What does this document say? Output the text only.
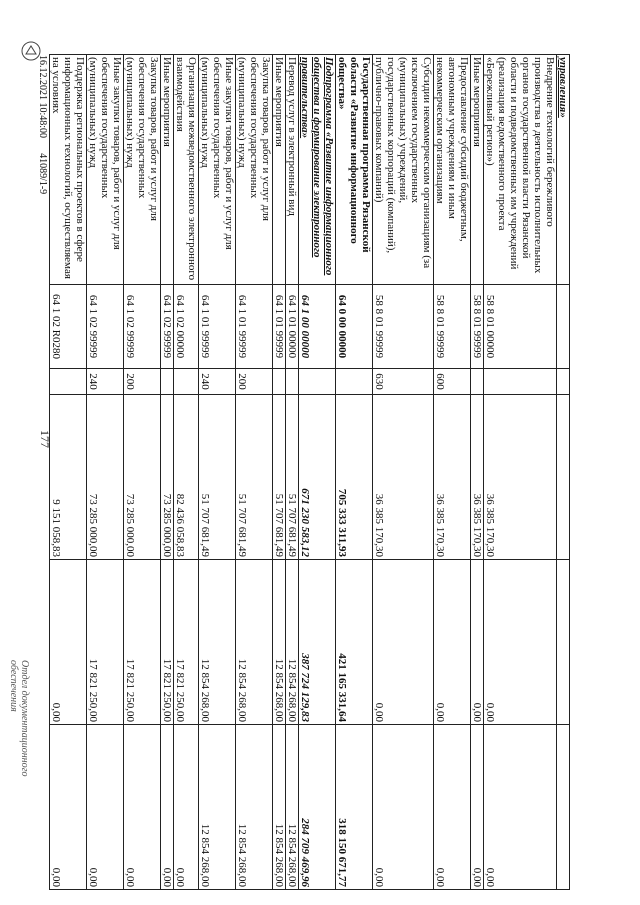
управления»					
Внедрение технологий бережливого производства в деятельность исполнительных органов государственной власти Рязанской области и подведомственных им учреждений (реализация ведомственного проекта «Бережливый регион»)	58 8 01 00000		36 385 170,30	0,00	0,00
Иные мероприятия	58 8 01 99999		36 385 170,30	0,00	0,00
Предоставление субсидий бюджетным, автономным учреждениям и иным некоммерческим организациям	58 8 01 99999	600	36 385 170,30	0,00	0,00
Субсидии некоммерческим организациям (за исключением государственных (муниципальных) учреждений, государственных корпораций (компаний), публично-правовых компаний)	58 8 01 99999	630	36 385 170,30	0,00	0,00
Государственная программа Рязанской области «Развитие информационного общества»	64 0 00 00000		705 333 311,93	421 165 331,64	318 150 671,77
Подпрограмма «Развитие информационного общества и формирование электронного правительства»	64 1 00 00000		671 230 583,12	387 724 129,83	284 709 469,96
Перевод услуг в электронный вид	64 1 01 00000		51 707 681,49	12 854 268,00	12 854 268,00
Иные мероприятия	64 1 01 99999		51 707 681,49	12 854 268,00	12 854 268,00
Закупка товаров, работ и услуг для обеспечения государственных (муниципальных) нужд	64 1 01 99999	200	51 707 681,49	12 854 268,00	12 854 268,00
Иные закупки товаров, работ и услуг для обеспечения государственных (муниципальных) нужд	64 1 01 99999	240	51 707 681,49	12 854 268,00	12 854 268,00
Организация межведомственного электронного взаимодействия	64 1 02 00000		82 436 058,83	17 821 250,00	0,00
Иные мероприятия	64 1 02 99999		73 285 000,00	17 821 250,00	0,00
Закупка товаров, работ и услуг для обеспечения государственных (муниципальных) нужд	64 1 02 99999	200	73 285 000,00	17 821 250,00	0,00
Иные закупки товаров, работ и услуг для обеспечения государственных (муниципальных) нужд	64 1 02 99999	240	73 285 000,00	17 821 250,00	0,00
Поддержка региональных проектов в сфере информационных технологий, осуществляемая на условиях	64 1 02 R0280		9 151 058,83	0,00	0,00
177
16.12.2021 10:48:00      41089/1-9
Отдел документационного
обеспечения
